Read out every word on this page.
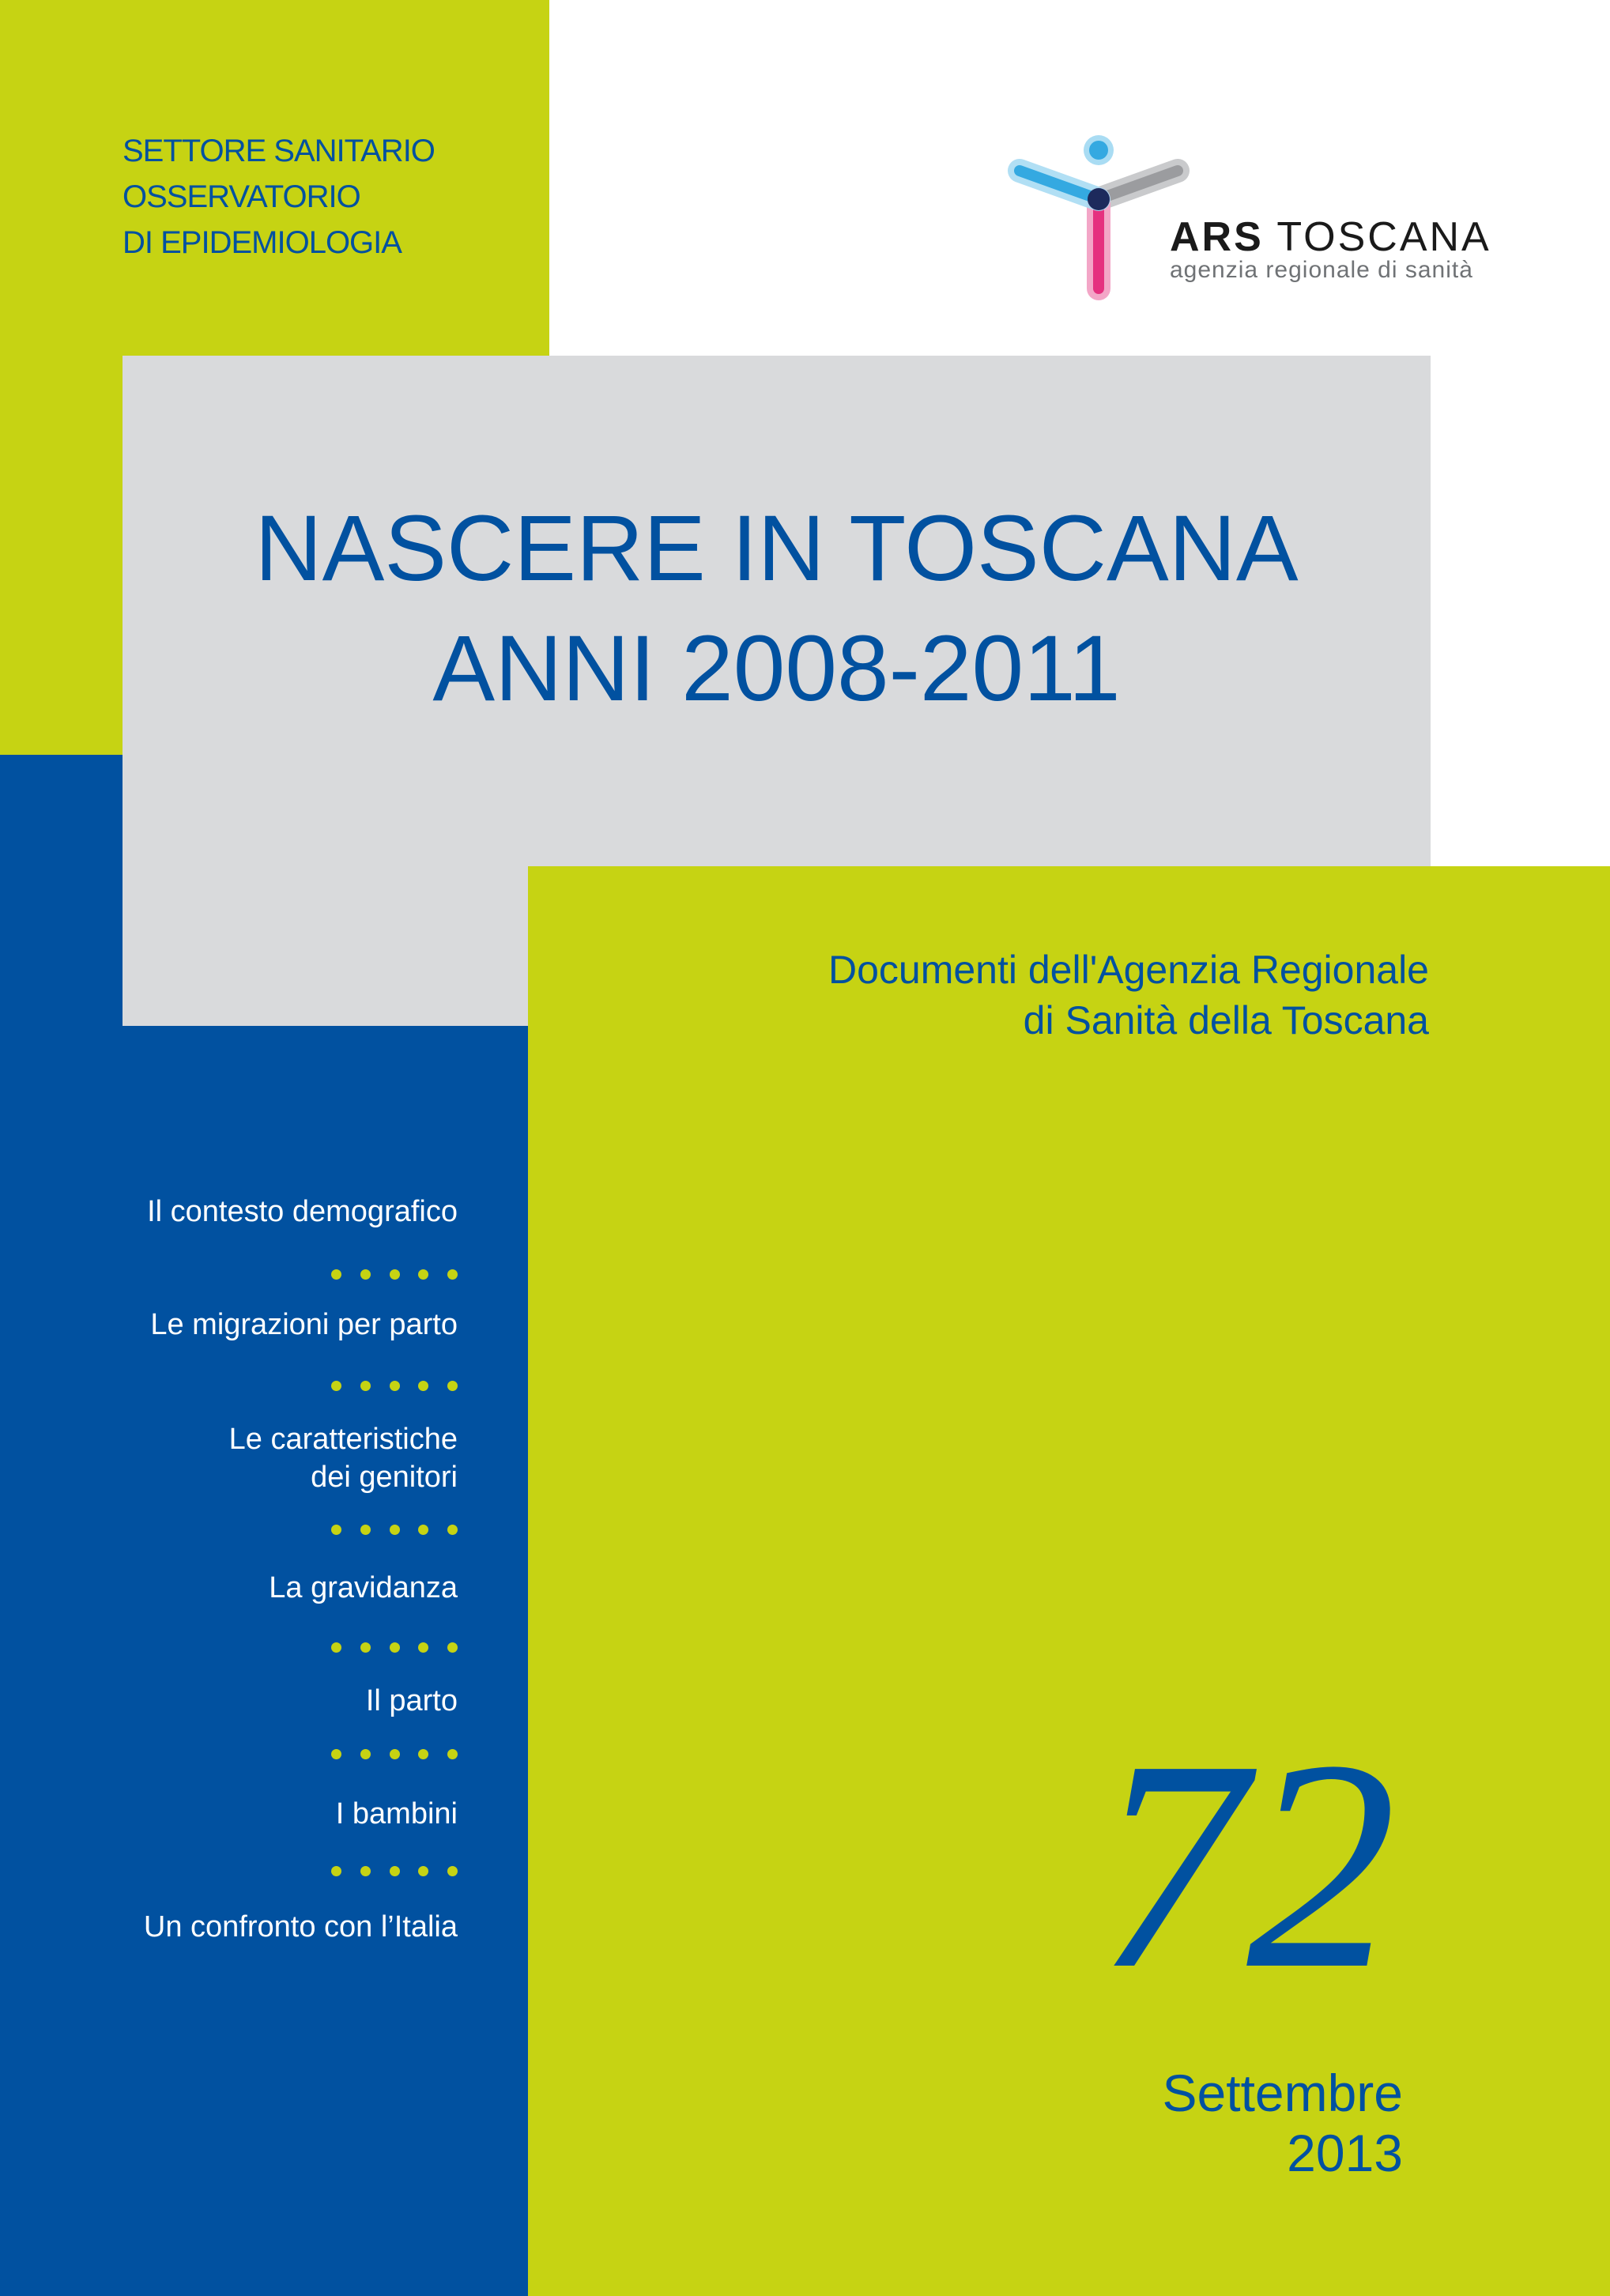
SETTORE SANITARIO
OSSERVATORIO
DI EPIDEMIOLOGIA	ARS TOSCANA
agenzia regionale di sanità
NASCERE IN TOSCANA
ANNI 2008-2011
Documenti dell'Agenzia Regionale
di Sanità della Toscana
Il contesto demografico
Le migrazioni per parto
Le caratteristiche
dei genitori
La gravidanza
Il parto
I bambini
Un confronto con l’Italia 72
Settembre
2013
